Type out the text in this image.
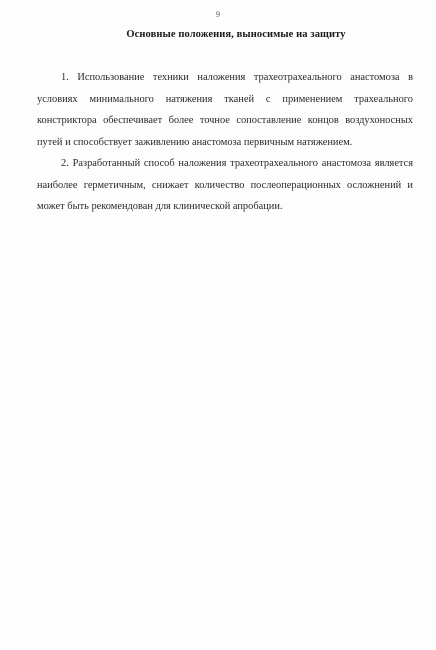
9
Основные положения, выносимые на защиту

1. Использование техники наложения трахеотрахеального анастомоза в условиях минимального натяжения тканей с применением трахеального констриктора обеспечивает более точное сопоставление концов воздухоносных путей и способствует заживлению анастомоза первичным натяжением.

2. Разработанный способ наложения трахеотрахеального анастомоза является наиболее герметичным, снижает количество послеоперационных осложнений и может быть рекомендован для клинической апробации.
